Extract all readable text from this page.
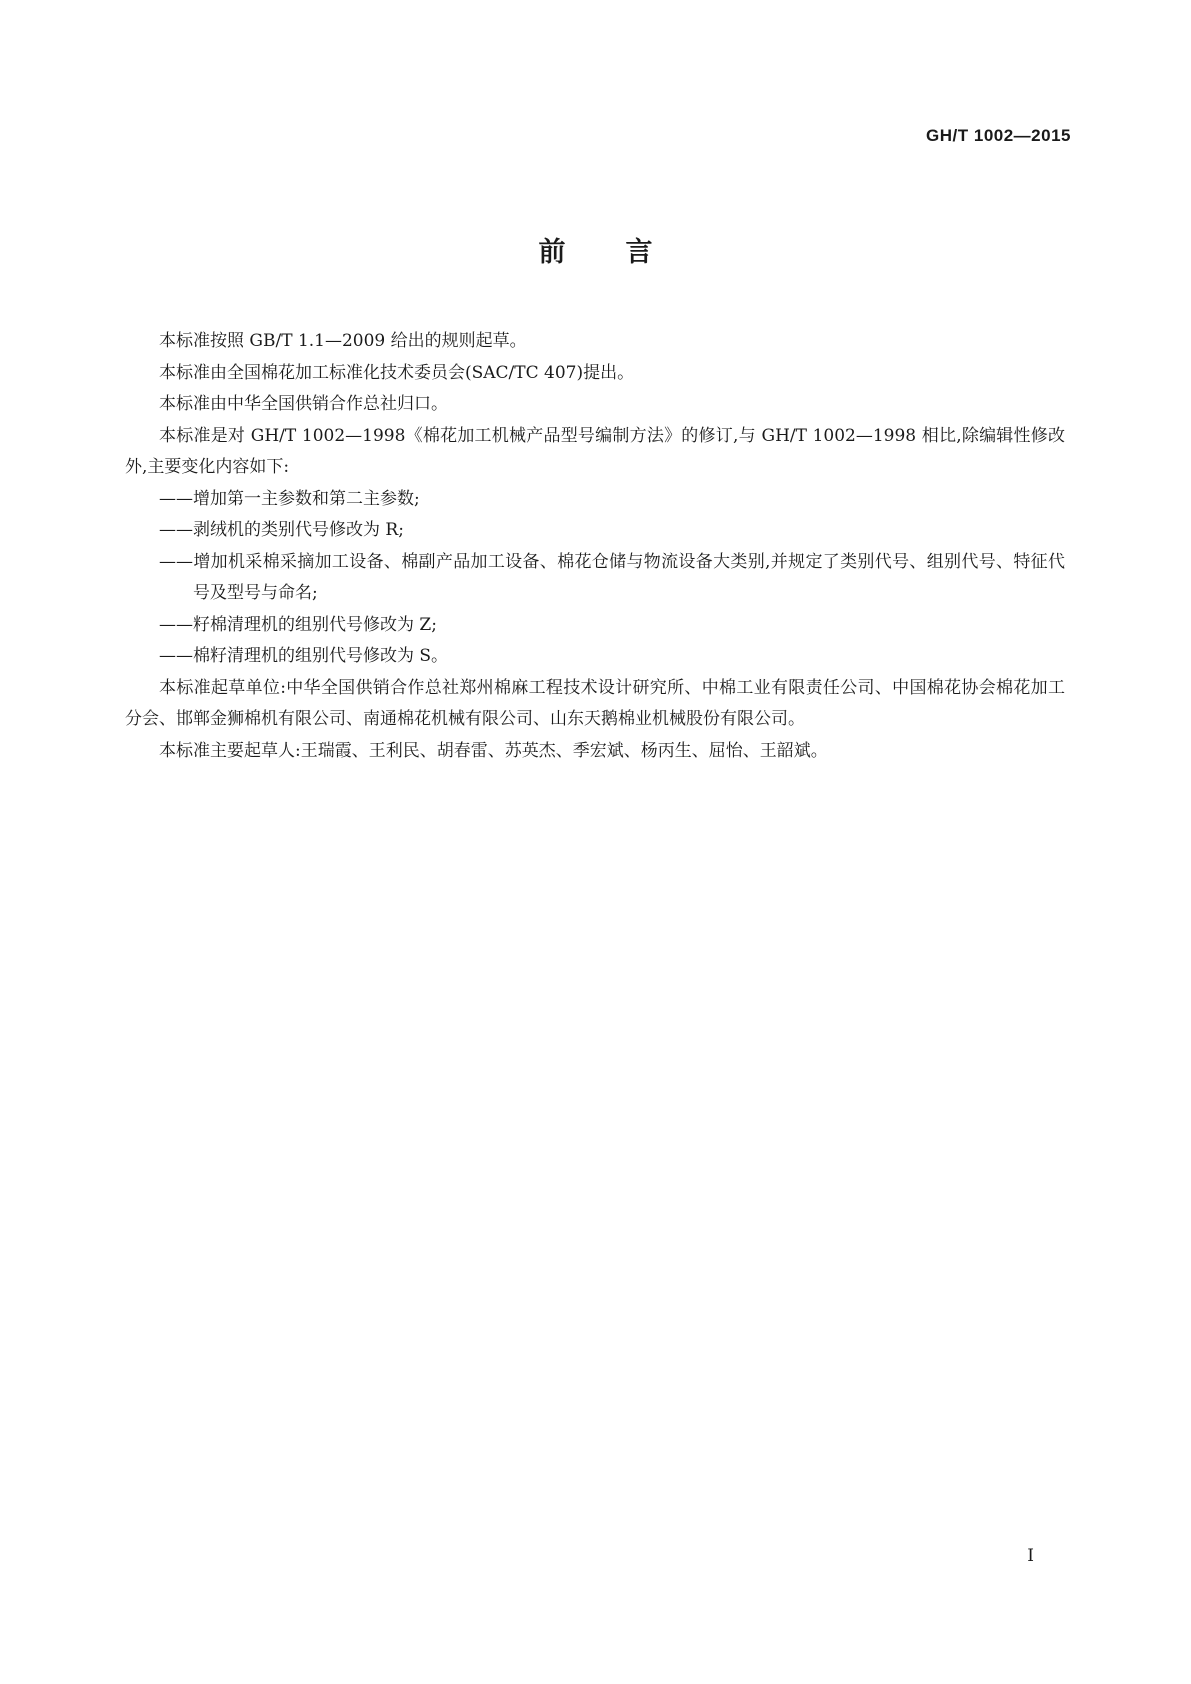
GH/T 1002—2015
前言

本标准按照 GB/T 1.1—2009 给出的规则起草。

本标准由全国棉花加工标准化技术委员会(SAC/TC 407)提出。

本标准由中华全国供销合作总社归口。

本标准是对 GH/T 1002—1998《棉花加工机械产品型号编制方法》的修订,与 GH/T 1002—1998 相比,除编辑性修改外,主要变化内容如下:

——增加第一主参数和第二主参数;

——剥绒机的类别代号修改为 R;

——增加机采棉采摘加工设备、棉副产品加工设备、棉花仓储与物流设备大类别,并规定了类别代号、组别代号、特征代号及型号与命名;

——籽棉清理机的组别代号修改为 Z;

——棉籽清理机的组别代号修改为 S。

本标准起草单位:中华全国供销合作总社郑州棉麻工程技术设计研究所、中棉工业有限责任公司、中国棉花协会棉花加工分会、邯郸金狮棉机有限公司、南通棉花机械有限公司、山东天鹅棉业机械股份有限公司。

本标准主要起草人:王瑞霞、王利民、胡春雷、苏英杰、季宏斌、杨丙生、屈怡、王韶斌。

I
